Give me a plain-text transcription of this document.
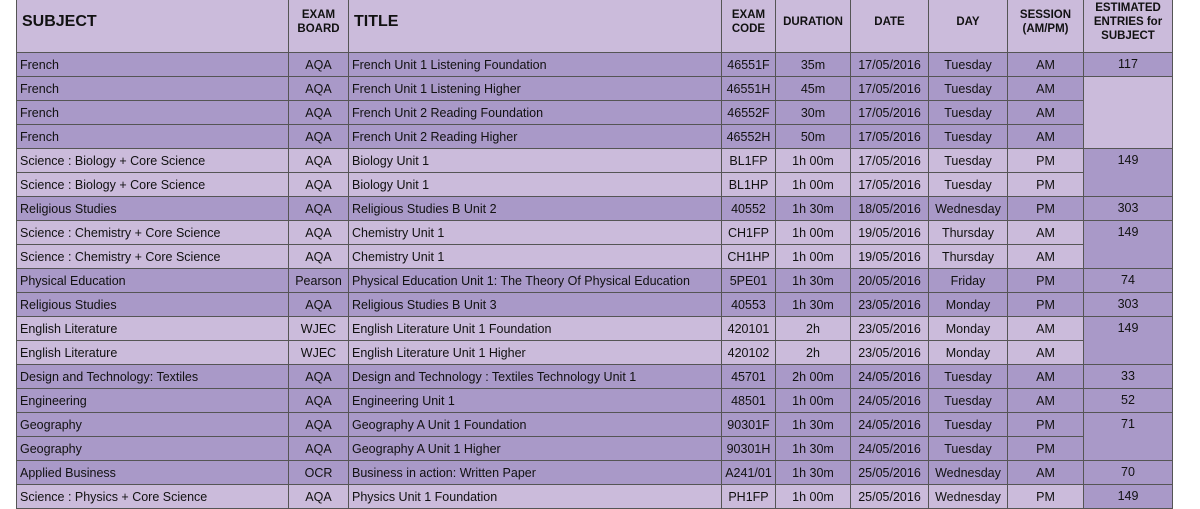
SUBJECT	EXAM BOARD	TITLE	EXAM CODE	DURATION	DATE	DAY	SESSION (AM/PM)	ESTIMATED ENTRIES for SUBJECT
French	AQA	French Unit 1 Listening Foundation	46551F	35m	17/05/2016	Tuesday	AM	117
French	AQA	French Unit 1 Listening Higher	46551H	45m	17/05/2016	Tuesday	AM	
French	AQA	French Unit 2 Reading Foundation	46552F	30m	17/05/2016	Tuesday	AM	
French	AQA	French Unit 2 Reading Higher	46552H	50m	17/05/2016	Tuesday	AM	
Science : Biology + Core Science	AQA	Biology Unit 1	BL1FP	1h 00m	17/05/2016	Tuesday	PM	149
Science : Biology + Core Science	AQA	Biology Unit 1	BL1HP	1h 00m	17/05/2016	Tuesday	PM	
Religious Studies	AQA	Religious Studies B Unit 2	40552	1h 30m	18/05/2016	Wednesday	PM	303
Science : Chemistry + Core Science	AQA	Chemistry Unit 1	CH1FP	1h 00m	19/05/2016	Thursday	AM	149
Science : Chemistry + Core Science	AQA	Chemistry Unit 1	CH1HP	1h 00m	19/05/2016	Thursday	AM	
Physical Education	Pearson	Physical Education Unit 1: The Theory Of Physical Education	5PE01	1h 30m	20/05/2016	Friday	PM	74
Religious Studies	AQA	Religious Studies B Unit 3	40553	1h 30m	23/05/2016	Monday	PM	303
English Literature	WJEC	English Literature Unit 1 Foundation	420101	2h	23/05/2016	Monday	AM	149
English Literature	WJEC	English Literature Unit 1 Higher	420102	2h	23/05/2016	Monday	AM	
Design and Technology: Textiles	AQA	Design and Technology : Textiles Technology Unit 1	45701	2h 00m	24/05/2016	Tuesday	AM	33
Engineering	AQA	Engineering Unit 1	48501	1h 00m	24/05/2016	Tuesday	AM	52
Geography	AQA	Geography A Unit 1 Foundation	90301F	1h 30m	24/05/2016	Tuesday	PM	71
Geography	AQA	Geography A Unit 1 Higher	90301H	1h 30m	24/05/2016	Tuesday	PM	
Applied Business	OCR	Business in action: Written Paper	A241/01	1h 30m	25/05/2016	Wednesday	AM	70
Science : Physics + Core Science	AQA	Physics Unit 1 Foundation	PH1FP	1h 00m	25/05/2016	Wednesday	PM	149
